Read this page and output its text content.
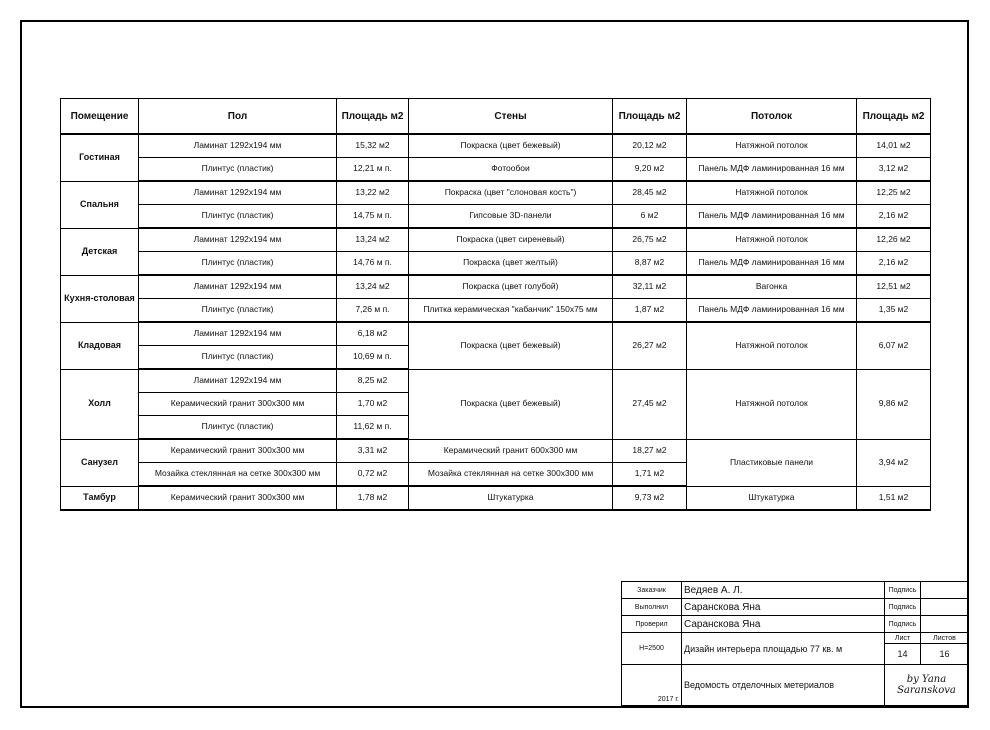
Помещение	Пол	Площадь м2	Стены	Площадь м2	Потолок	Площадь м2
Гостиная	Ламинат 1292х194 мм	15,32 м2	Покраска (цвет бежевый)	20,12 м2	Натяжной потолок	14,01 м2
	Плинтус (пластик)	12,21 м п.	Фотообои	9,20 м2	Панель МДФ ламинированная 16 мм	3,12 м2
Спальня	Ламинат 1292х194 мм	13,22 м2	Покраска (цвет "слоновая кость")	28,45 м2	Натяжной потолок	12,25 м2
	Плинтус (пластик)	14,75 м п.	Гипсовые 3D-панели	6 м2	Панель МДФ ламинированная 16 мм	2,16 м2
Детская	Ламинат 1292х194 мм	13,24 м2	Покраска (цвет сиреневый)	26,75 м2	Натяжной потолок	12,26 м2
	Плинтус (пластик)	14,76 м п.	Покраска (цвет желтый)	8,87 м2	Панель МДФ ламинированная 16 мм	2,16 м2
Кухня-столовая	Ламинат 1292х194 мм	13,24 м2	Покраска (цвет голубой)	32,11 м2	Вагонка	12,51 м2
	Плинтус (пластик)	7,26 м п.	Плитка керамическая "кабанчик" 150х75 мм	1,87 м2	Панель МДФ ламинированная 16 мм	1,35 м2
Кладовая	Ламинат 1292х194 мм	6,18 м2	Покраска (цвет бежевый)	26,27 м2	Натяжной потолок	6,07 м2
	Плинтус (пластик)	10,69 м п.				
Холл	Ламинат 1292х194 мм	8,25 м2	Покраска (цвет бежевый)	27,45 м2	Натяжной потолок	9,86 м2
	Керамический гранит 300х300 мм	1,70 м2				
	Плинтус (пластик)	11,62 м п.				
Санузел	Керамический гранит 300х300 мм	3,31 м2	Керамический гранит 600х300 мм	18,27 м2	Пластиковые панели	3,94 м2
	Мозайка стеклянная на сетке 300х300 мм	0,72 м2	Мозайка стеклянная на сетке 300х300 мм	1,71 м2		
Тамбур	Керамический гранит 300х300 мм	1,78 м2	Штукатурка	9,73 м2	Штукатурка	1,51 м2
Заказчик	Ведяев А. Л.	Подпись	
Выполнил	Саранскова Яна	Подпись	
Проверил	Саранскова Яна	Подпись	
Н=2500	Дизайн интерьера площадью 77 кв. м	Лист	Листов
		14	16
2017 г.	Ведомость отделочных метериалов	by Yana Saranskova	
